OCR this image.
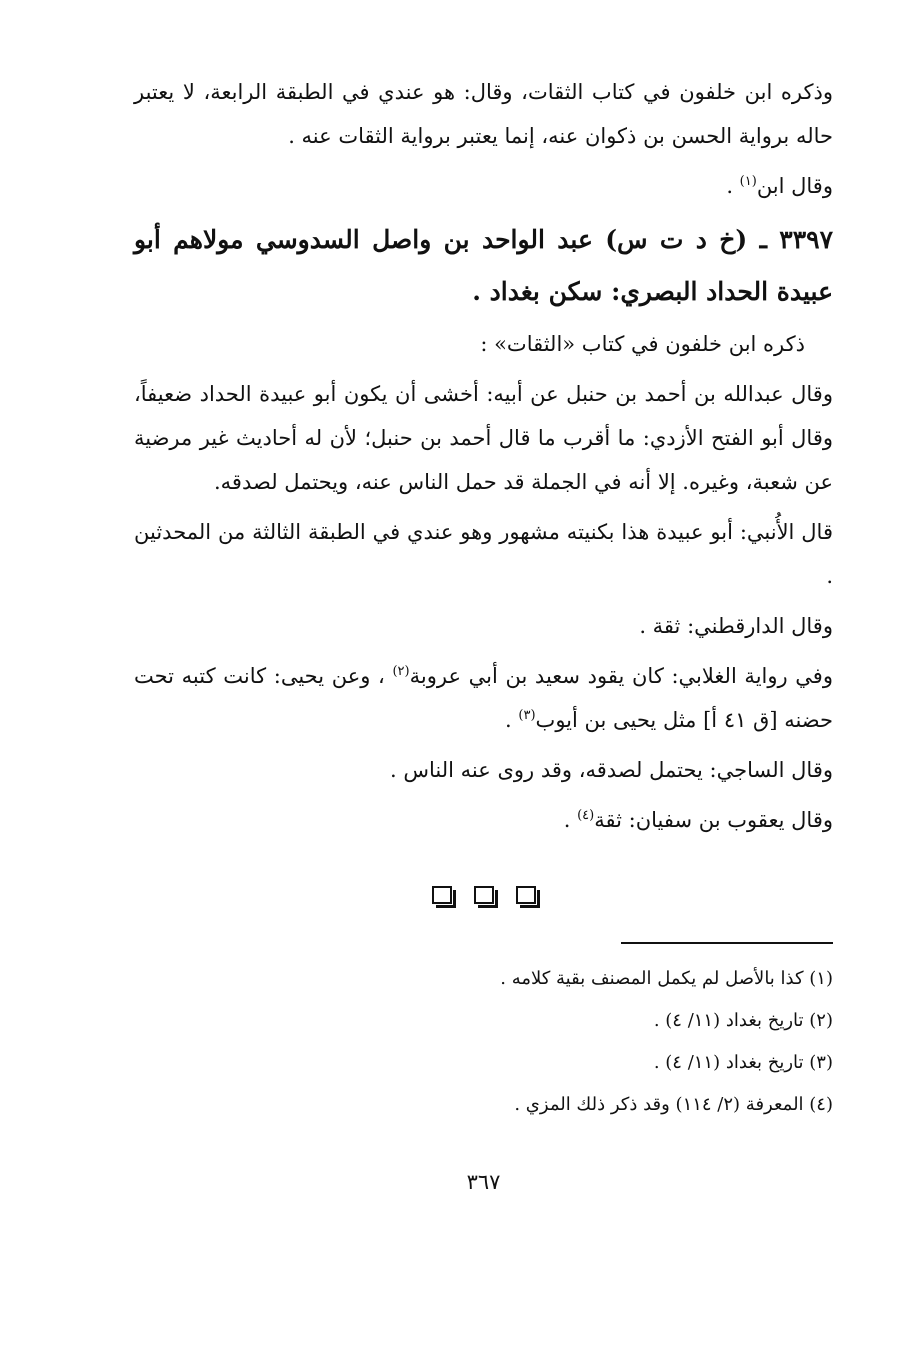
وذكره ابن خلفون في كتاب الثقات، وقال: هو عندي في الطبقة الرابعة، لا يعتبر حاله برواية الحسن بن ذكوان عنه، إنما يعتبر برواية الثقات عنه .

وقال ابن$^{(١)}$ .

٣٣٩٧ ـ (خ د ت س) عبد الواحد بن واصل السدوسي مولاهم أبو عبيدة الحداد البصري: سكن بغداد .

ذكره ابن خلفون في كتاب «الثقات» :

وقال عبدالله بن أحمد بن حنبل عن أبيه: أخشى أن يكون أبو عبيدة الحداد ضعيفاً، وقال أبو الفتح الأزدي: ما أقرب ما قال أحمد بن حنبل؛ لأن له أحاديث غير مرضية عن شعبة، وغيره. إلا أنه في الجملة قد حمل الناس عنه، ويحتمل لصدقه.

قال الأُنبي: أبو عبيدة هذا بكنيته مشهور وهو عندي في الطبقة الثالثة من المحدثين .

وقال الدارقطني: ثقة .

وفي رواية الغلابي: كان يقود سعيد بن أبي عروبة$^{(٢)}$ ، وعن يحيى: كانت كتبه تحت حضنه [ق ٤١ أ] مثل يحيى بن أيوب$^{(٣)}$ .

وقال الساجي: يحتمل لصدقه، وقد روى عنه الناس .

وقال يعقوب بن سفيان: ثقة$^{(٤)}$ .

(١) كذا بالأصل لم يكمل المصنف بقية كلامه .

(٢) تاريخ بغداد (١١/ ٤) .

(٣) تاريخ بغداد (١١/ ٤) .

(٤) المعرفة (٢/ ١١٤) وقد ذكر ذلك المزي .

٣٦٧
